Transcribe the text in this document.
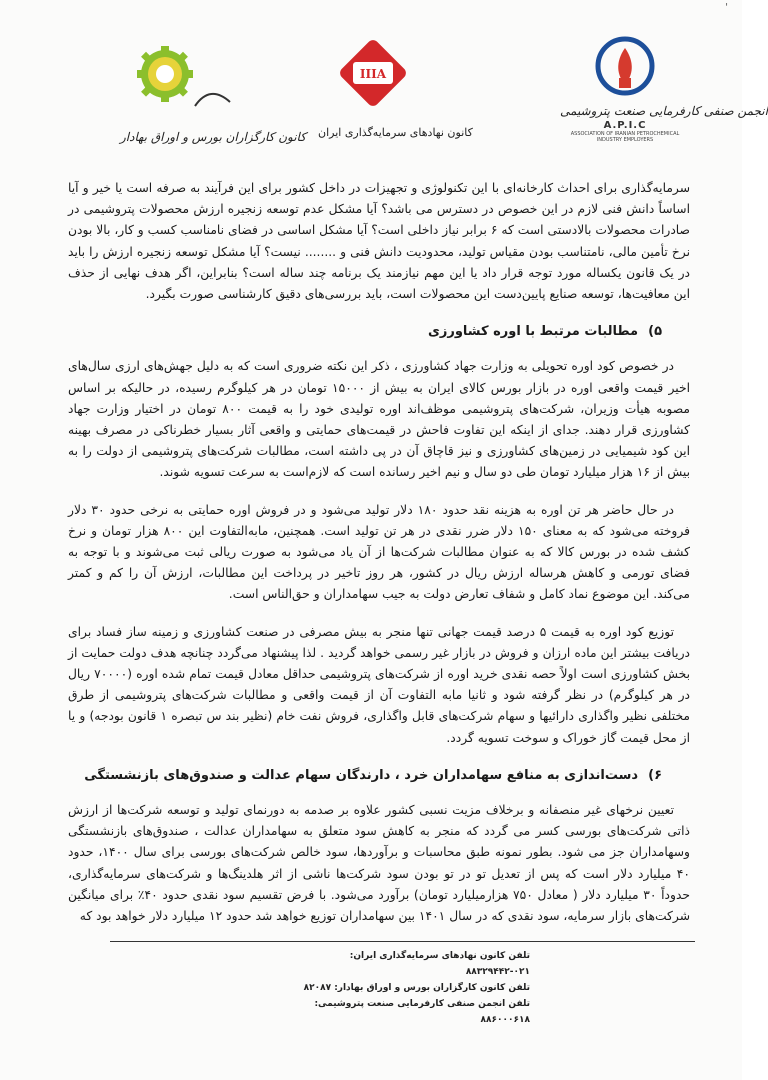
'
کانون کارگزاران بورس و اوراق بهادار
IIIA
کانون نهادهای سرمایه‌گذاری ایران
انجمن صنفی کارفرمایی صنعت پتروشیمی
A.P.I.C
ASSOCIATION OF IRANIAN PETROCHEMICAL INDUSTRY EMPLOYERS

سرمایه‌گذاری برای احداث کارخانه‌ای با این تکنولوژی و تجهیزات در داخل کشور برای این فرآیند به صرفه است یا خیر و آیا اساساً دانش فنی لازم در این خصوص در دسترس می باشد؟ آیا مشکل عدم توسعه زنجیره ارزش محصولات پتروشیمی در صادرات محصولات بالادستی است که ۶ برابر نیاز داخلی است؟ آیا مشکل اساسی در فضای نامناسب کسب و کار، بالا بودن نرخ تأمین مالی، نامتناسب بودن مقیاس تولید، محدودیت دانش فنی و ........ نیست؟ آیا مشکل توسعه زنجیره ارزش را باید در یک قانون یکساله مورد توجه قرار داد یا این مهم نیازمند یک برنامه چند ساله است؟ بنابراین، اگر هدف نهایی از حذف این معافیت‌ها، توسعه صنایع پایین‌دست این محصولات است، باید بررسی‌های دقیق کارشناسی صورت بگیرد.

۵)
مطالبات مرتبط با اوره کشاورزی

در خصوص کود اوره تحویلی به وزارت جهاد کشاورزی ، ذکر این نکته ضروری است که به دلیل جهش‌های ارزی سال‌های اخیر قیمت واقعی اوره در بازار بورس کالای ایران به بیش از ۱۵۰۰۰ تومان در هر کیلوگرم رسیده، در حالیکه بر اساس مصوبه هیأت وزیران، شرکت‌های پتروشیمی موظف‌اند اوره تولیدی خود را به قیمت ۸۰۰ تومان در اختیار وزارت جهاد کشاورزی قرار دهند. جدای از اینکه این تفاوت فاحش در قیمت‌های حمایتی و واقعی آثار بسیار خطرناکی در مصرف بهینه این کود شیمیایی در زمین‌های کشاورزی و نیز قاچاق آن در پی داشته است، مطالبات شرکت‌های پتروشیمی از دولت را به بیش از ۱۶ هزار میلیارد تومان طی دو سال و نیم اخیر رسانده است که لازم‌است به سرعت تسویه شوند.

در حال حاضر هر تن اوره به هزینه نقد حدود ۱۸۰ دلار تولید می‌شود و در فروش اوره حمایتی به نرخی حدود ۳۰ دلار فروخته می‌شود که به معنای ۱۵۰ دلار ضرر نقدی در هر تن تولید است. همچنین، مابه‌التفاوت این ۸۰۰ هزار تومان و نرخ کشف شده در بورس کالا که به عنوان مطالبات شرکت‌ها از آن یاد می‌شود به صورت ریالی ثبت می‌شوند و با توجه به فضای تورمی و کاهش هرساله ارزش ریال در کشور، هر روز تاخیر در پرداخت این مطالبات، ارزش آن را کم و کمتر می‌کند. این موضوع نماد کامل و شفاف تعارض دولت به جیب سهامداران و حق‌الناس است.

توزیع کود اوره به قیمت ۵ درصد قیمت جهانی تنها منجر به بیش مصرفی در صنعت کشاورزی و زمینه ساز فساد برای دریافت بیشتر این ماده ارزان و فروش در بازار غیر رسمی خواهد گردید . لذا پیشنهاد می‌گردد چنانچه هدف دولت حمایت از بخش کشاورزی است اولاً حصه نقدی خرید اوره از شرکت‌های پتروشیمی حداقل معادل قیمت تمام شده اوره (۷۰۰۰۰ ریال در هر کیلوگرم) در نظر گرفته شود و ثانیا مابه التفاوت آن از قیمت واقعی و مطالبات شرکت‌های پتروشیمی از طرق مختلفی نظیر واگذاری دارائیها و سهام شرکت‌های قابل واگذاری، فروش نفت خام (نظیر بند س تبصره ۱ قانون بودجه) و یا از محل قیمت گاز خوراک و سوخت تسویه گردد.

۶)
دست‌اندازی به منافع سهامداران خرد ، دارندگان سهام عدالت و صندوق‌های بازنشستگی

تعیین نرخهای غیر منصفانه و برخلاف مزیت نسبی کشور علاوه بر صدمه به دورنمای تولید و توسعه شرکت‌ها از ارزش ذاتی شرکت‌های بورسی کسر می گردد که منجر به کاهش سود متعلق به سهامداران عدالت ، صندوق‌های بازنشستگی وسهامداران جز می شود. بطور نمونه طبق محاسبات و برآوردها، سود خالص شرکت‌های بورسی برای سال ۱۴۰۰، حدود ۴۰ میلیارد دلار است که پس از تعدیل تو در تو بودن سود شرکت‌ها ناشی از اثر هلدینگ‌ها و شرکت‌های سرمایه‌گذاری، حدوداً ۳۰ میلیارد دلار ( معادل ۷۵۰ هزارمیلیارد تومان) برآورد می‌شود. با فرض تقسیم سود نقدی حدود ۴۰٪ برای میانگین شرکت‌های بازار سرمایه، سود نقدی که در سال ۱۴۰۱ بین سهامداران توزیع خواهد شد حدود ۱۲ میلیارد دلار خواهد بود که

تلفن کانون نهادهای سرمایه‌گذاری ایران: ۰۲۱-۸۸۳۲۹۴۴۲
تلفن کانون کارگزاران بورس و اوراق بهادار: ۸۲۰۸۷
تلفن انجمن صنفی کارفرمایی صنعت پتروشیمی: ۸۸۶۰۰۰۶۱۸
